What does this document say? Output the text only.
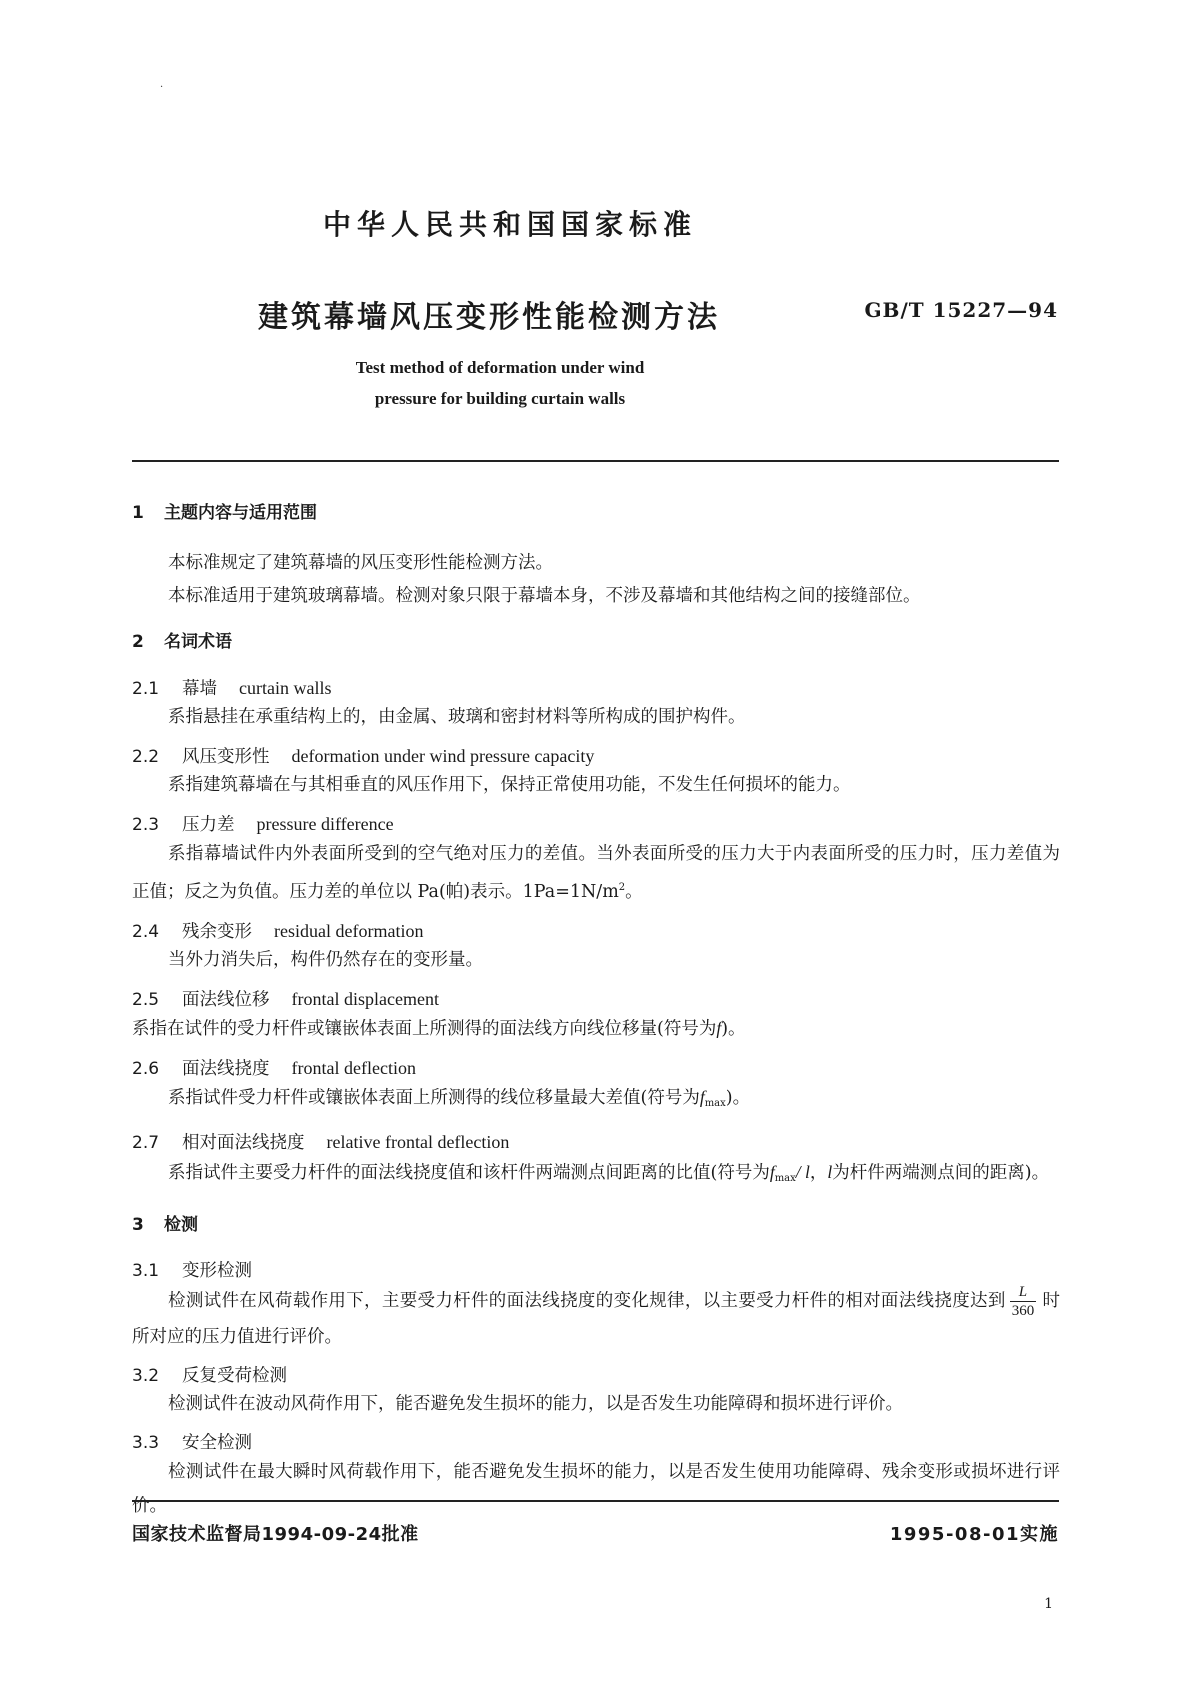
·
中华人民共和国国家标准
建筑幕墙风压变形性能检测方法	GB/T 15227—94
Test method of deformation under wind
pressure for building curtain walls
1 主题内容与适用范围

本标准规定了建筑幕墙的风压变形性能检测方法。

本标准适用于建筑玻璃幕墙。检测对象只限于幕墙本身，不涉及幕墙和其他结构之间的接缝部位。

2 名词术语
2.1 幕墙 curtain walls

系指悬挂在承重结构上的，由金属、玻璃和密封材料等所构成的围护构件。

2.2 风压变形性 deformation under wind pressure capacity

系指建筑幕墙在与其相垂直的风压作用下，保持正常使用功能，不发生任何损坏的能力。

2.3 压力差 pressure difference

系指幕墙试件内外表面所受到的空气绝对压力的差值。当外表面所受的压力大于内表面所受的压力时，压力差值为正值；反之为负值。压力差的单位以 Pa(帕)表示。$1Pa=1N/m^2$。

2.4 残余变形 residual deformation

当外力消失后，构件仍然存在的变形量。

2.5 面法线位移 frontal displacement

系指在试件的受力杆件或镶嵌体表面上所测得的面法线方向线位移量(符号为f)。

2.6 面法线挠度 frontal deflection

系指试件受力杆件或镶嵌体表面上所测得的线位移量最大差值(符号为$f_{max}$)。

2.7 相对面法线挠度 relative frontal deflection

系指试件主要受力杆件的面法线挠度值和该杆件两端测点间距离的比值(符号为$f_{max}/$ l，l为杆件两端测点间的距离)。

3 检测
3.1 变形检测

检测试件在风荷载作用下，主要受力杆件的面法线挠度的变化规律，以主要受力杆件的相对面法线挠度达到 $\frac{L}{360}$ 时所对应的压力值进行评价。

3.2 反复受荷检测

检测试件在波动风荷作用下，能否避免发生损坏的能力，以是否发生功能障碍和损坏进行评价。

3.3 安全检测

检测试件在最大瞬时风荷载作用下，能否避免发生损坏的能力，以是否发生使用功能障碍、残余变形或损坏进行评价。

国家技术监督局1994-09-24批准	1995-08-01实施
1
